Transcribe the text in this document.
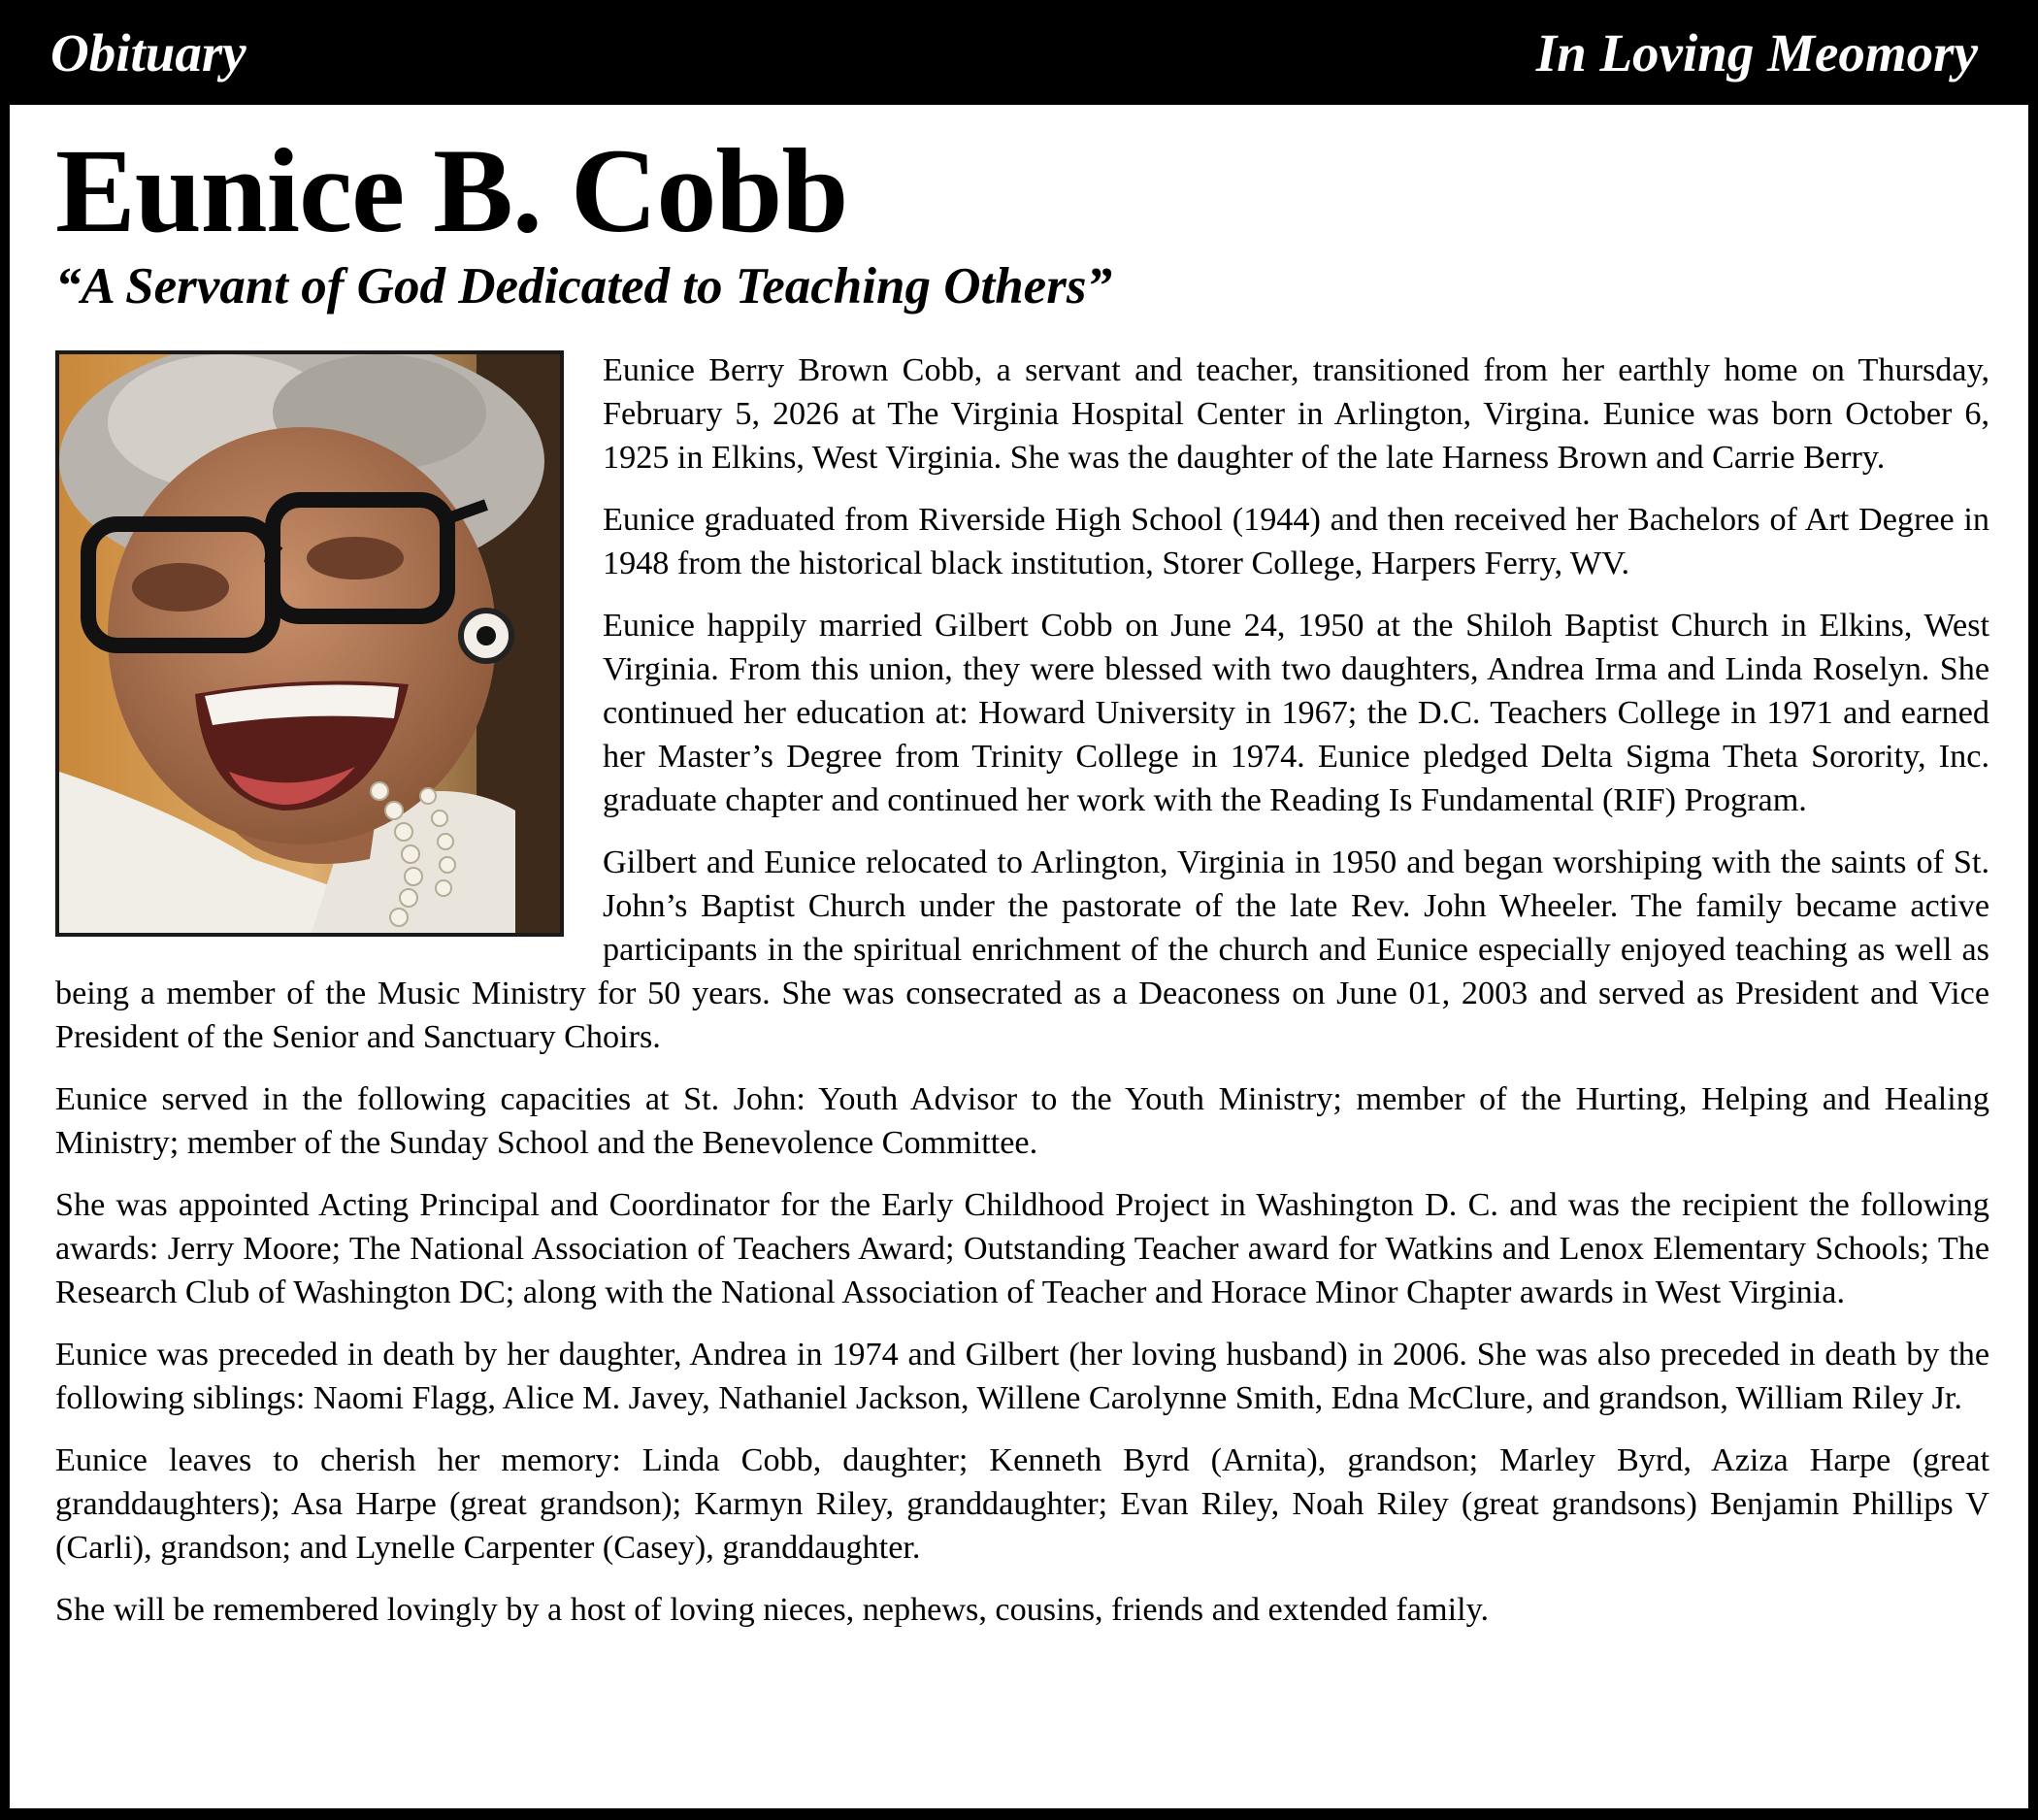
Obituary	In Loving Meomory
Eunice B. Cobb
“A Servant of God Dedicated to Teaching Others”

Eunice Berry Brown Cobb, a servant and teacher, transitioned from her earthly home on Thursday, February 5, 2026 at The Virginia Hospital Center in Arlington, Virgina. Eunice was born October 6, 1925 in Elkins, West Virginia. She was the daughter of the late Harness Brown and Carrie Berry.

Eunice graduated from Riverside High School (1944) and then received her Bachelors of Art Degree in 1948 from the historical black institution, Storer College, Harpers Ferry, WV.

Eunice happily married Gilbert Cobb on June 24, 1950 at the Shiloh Baptist Church in Elkins, West Virginia. From this union, they were blessed with two daughters, Andrea Irma and Linda Roselyn. She continued her education at: Howard University in 1967; the D.C. Teachers College in 1971 and earned her Master’s Degree from Trinity College in 1974. Eunice pledged Delta Sigma Theta Sorority, Inc. graduate chapter and continued her work with the Reading Is Fundamental (RIF) Program.

Gilbert and Eunice relocated to Arlington, Virginia in 1950 and began worshiping with the saints of St. John’s Baptist Church under the pastorate of the late Rev. John Wheeler. The family became active participants in the spiritual enrichment of the church and Eunice especially enjoyed teaching as well as being a member of the Music Ministry for 50 years. She was consecrated as a Deaconess on June 01, 2003 and served as President and Vice President of the Senior and Sanctuary Choirs.

Eunice served in the following capacities at St. John: Youth Advisor to the Youth Ministry; member of the Hurting, Helping and Healing Ministry; member of the Sunday School and the Benevolence Committee.

She was appointed Acting Principal and Coordinator for the Early Childhood Project in Washington D. C. and was the recipient the following awards: Jerry Moore; The National Association of Teachers Award; Outstanding Teacher award for Watkins and Lenox Elementary Schools; The Research Club of Washington DC; along with the National Association of Teacher and Horace Minor Chapter awards in West Virginia.

Eunice was preceded in death by her daughter, Andrea in 1974 and Gilbert (her loving husband) in 2006. She was also preceded in death by the following siblings: Naomi Flagg, Alice M. Javey, Nathaniel Jackson, Willene Carolynne Smith, Edna McClure, and grandson, William Riley Jr.

Eunice leaves to cherish her memory: Linda Cobb, daughter; Kenneth Byrd (Arnita), grandson; Marley Byrd, Aziza Harpe (great granddaughters); Asa Harpe (great grandson); Karmyn Riley, granddaughter; Evan Riley, Noah Riley (great grandsons) Benjamin Phillips V (Carli), grandson; and Lynelle Carpenter (Casey), granddaughter.

She will be remembered lovingly by a host of loving nieces, nephews, cousins, friends and extended family.
